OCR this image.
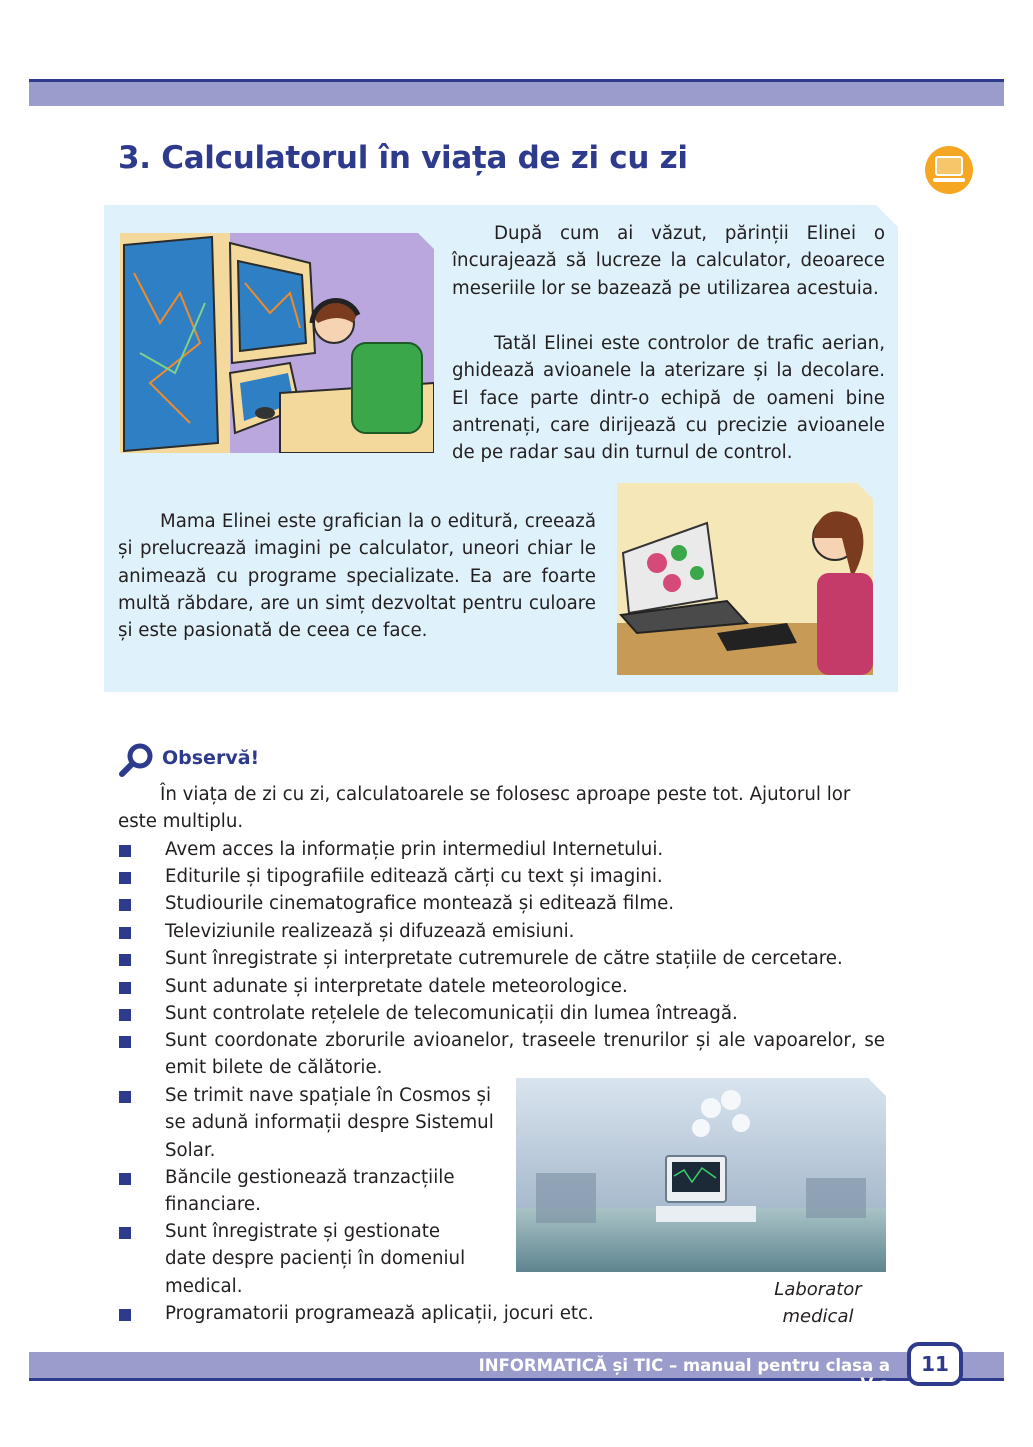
3. Calculatorul în viața de zi cu zi
După cum ai văzut, părinții Elinei o încurajează să lucreze la calculator, deoarece meseriile lor se bazează pe utilizarea acestuia.
Tatăl Elinei este controlor de trafic aerian, ghidează avioanele la aterizare și la decolare. El face parte dintr-o echipă de oameni bine antrenați, care dirijează cu precizie avioanele de pe radar sau din turnul de control.
Mama Elinei este grafician la o editură, creează și prelucrează imagini pe calculator, uneori chiar le animează cu programe specializate. Ea are foarte multă răbdare, are un simț dezvoltat pentru culoare și este pasionată de ceea ce face.
Observă!
În viața de zi cu zi, calculatoarele se folosesc aproape peste tot. Ajutorul lor este multiplu.
Avem acces la informație prin intermediul Internetului.
Editurile și tipografiile editează cărți cu text și imagini.
Studiourile cinematografice montează și editează filme.
Televiziunile realizează și difuzează emisiuni.
Sunt înregistrate și interpretate cutremurele de către stațiile de cercetare.
Sunt adunate și interpretate datele meteorologice.
Sunt controlate rețelele de telecomunicații din lumea întreagă.
Sunt coordonate zborurile avioanelor, traseele trenurilor și ale vapoarelor, se emit bilete de călătorie.
Se trimit nave spațiale în Cosmos și se adună informații despre Sistemul Solar.
Băncile gestionează tranzacțiile financiare.
Sunt înregistrate și gestionate date despre pacienți în domeniul medical.
Programatorii programează aplicații, jocuri etc.
Laborator medical
INFORMATICĂ și TIC – manual pentru clasa a V-a
11
